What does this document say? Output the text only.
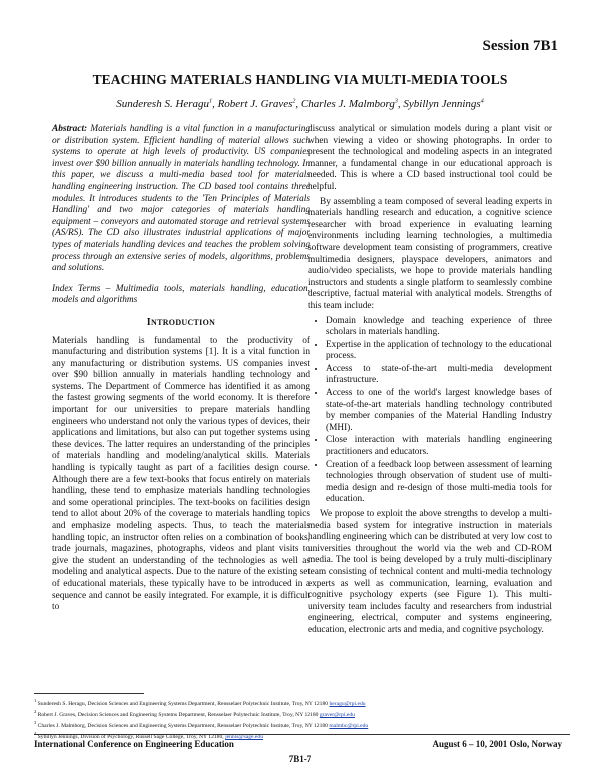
Session 7B1
TEACHING MATERIALS HANDLING VIA MULTI-MEDIA TOOLS
Sunderesh S. Heragu$^1$, Robert J. Graves$^2$, Charles J. Malmborg$^3$, Sybillyn Jennings$^4$

Abstract: Materials handling is a vital function in a manufacturing or distribution system. Efficient handling of material allows such systems to operate at high levels of productivity. US companies invest over $90 billion annually in materials handling technology. In this paper, we discuss a multi-media based tool for materials handling engineering instruction. The CD based tool contains three modules. It introduces students to the 'Ten Principles of Materials Handling' and two major categories of materials handling equipment – conveyors and automated storage and retrieval systems (AS/RS). The CD also illustrates industrial applications of major types of materials handling devices and teaches the problem solving process through an extensive series of models, algorithms, problems and solutions.

Index Terms – Multimedia tools, materials handling, education, models and algorithms

INTRODUCTION

Materials handling is fundamental to the productivity of manufacturing and distribution systems [1]. It is a vital function in any manufacturing or distribution systems. US companies invest over $90 billion annually in materials handling technology and systems. The Department of Commerce has identified it as among the fastest growing segments of the world economy. It is therefore important for our universities to prepare materials handling engineers who understand not only the various types of devices, their applications and limitations, but also can put together systems using these devices. The latter requires an understanding of the principles of materials handling and modeling/analytical skills. Materials handling is typically taught as part of a facilities design course. Although there are a few text-books that focus entirely on materials handling, these tend to emphasize materials handling technologies and some operational principles. The text-books on facilities design tend to allot about 20% of the coverage to materials handling topics and emphasize modeling aspects. Thus, to teach the materials handling topic, an instructor often relies on a combination of books, trade journals, magazines, photographs, videos and plant visits to give the student an understanding of the technologies as well as modeling and analytical aspects. Due to the nature of the existing set of educational materials, these typically have to be introduced in a sequence and cannot be easily integrated. For example, it is difficult to

discuss analytical or simulation models during a plant visit or when viewing a video or showing photographs. In order to present the technological and modeling aspects in an integrated manner, a fundamental change in our educational approach is needed. This is where a CD based instructional tool could be helpful.

By assembling a team composed of several leading experts in materials handling research and education, a cognitive science researcher with broad experience in evaluating learning environments including learning technologies, a multimedia software development team consisting of programmers, creative multimedia designers, playspace developers, animators and audio/video specialists, we hope to provide materials handling instructors and students a single platform to seamlessly combine descriptive, factual material with analytical models. Strengths of this team include:

• Domain knowledge and teaching experience of three scholars in materials handling.
• Expertise in the application of technology to the educational process.
• Access to state-of-the-art multi-media development infrastructure.
• Access to one of the world's largest knowledge bases of state-of-the-art materials handling technology contributed by member companies of the Material Handling Industry (MHI).
• Close interaction with materials handling engineering practitioners and educators.
• Creation of a feedback loop between assessment of learning technologies through observation of student use of multi-media design and re-design of those multi-media tools for education.

We propose to exploit the above strengths to develop a multi-media based system for integrative instruction in materials handling engineering which can be distributed at very low cost to universities throughout the world via the web and CD-ROM media. The tool is being developed by a truly multi-disciplinary team consisting of technical content and multi-media technology experts as well as communication, learning, evaluation and cognitive psychology experts (see Figure 1). This multi-university team includes faculty and researchers from industrial engineering, electrical, computer and systems engineering, education, electronic arts and media, and cognitive psychology.

$^1$ Sunderesh S. Heragu, Decision Sciences and Engineering Systems Department, Rensselaer Polytechnic Institute, Troy, NY 12180 heragu@rpi.edu
$^2$ Robert J. Graves, Decision Sciences and Engineering Systems Department, Rensselaer Polytechnic Institute, Troy, NY 12180 graver@rpi.edu
$^3$ Charles J. Malmborg, Decision Sciences and Engineering Systems Department, Rensselaer Polytechnic Institute, Troy, NY 12180 malmbc@rpi.edu
$^4$ Sybillyn Jennings, Division of Psychology, Russell Sage College, Troy, NY 12180, jennis@sage.edu
International Conference on Engineering Education	August 6 – 10, 2001 Oslo, Norway
7B1-7
